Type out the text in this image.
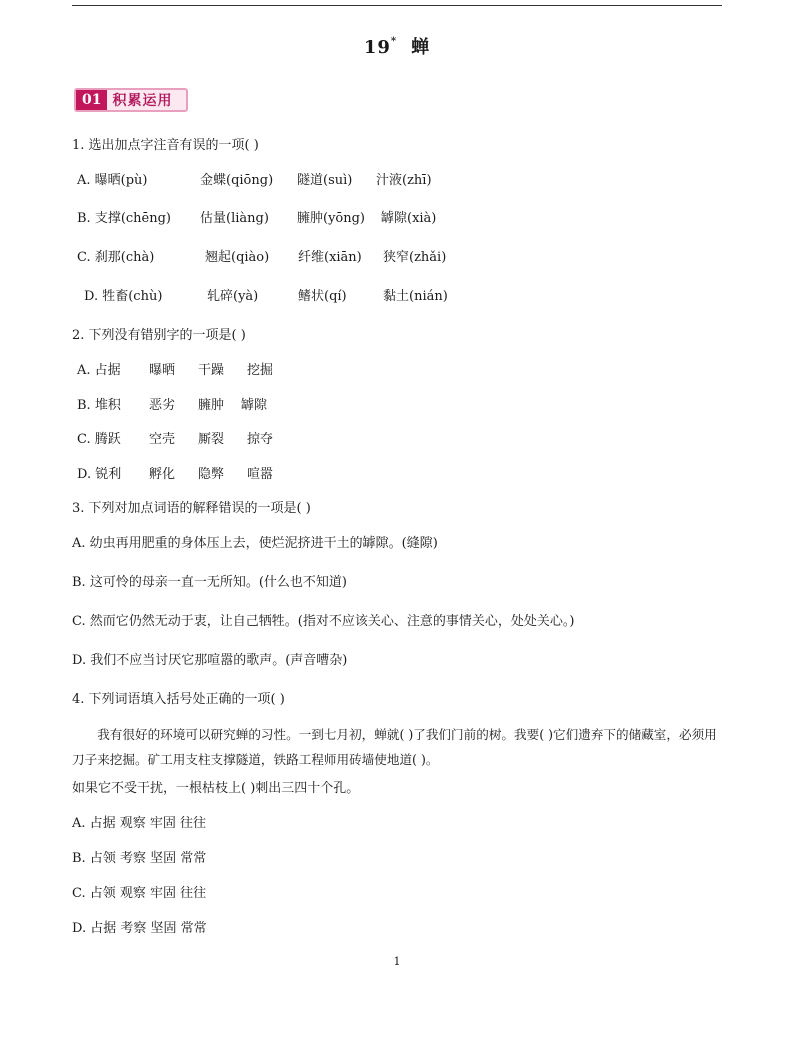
19* 蝉
01 积累运用
1. 选出加点字注音有误的一项( )
A. 曝晒(pù)	金蝶(qiōng) 隧道(suì) 汁液(zhī)
B. 支撑(chēng) 估量(liàng) 臃肿(yōng) 罅隙(xià)
C. 刹那(chà)	翘起(qiào) 纤维(xiān) 狭窄(zhǎi)
D. 牲畜(chù)	轧碎(yà)	鳍状(qí)	黏土(nián)
2. 下列没有错别字的一项是( )
A. 占据 曝晒 干躁 挖掘
B. 堆积 恶劣 臃肿 罅隙
C. 腾跃 空壳 厮裂 掠夺
D. 锐利 孵化 隐弊 喧嚣
3. 下列对加点词语的解释错误的一项是( )
A. 幼虫再用肥重的身体压上去，使烂泥挤进干土的罅隙。(缝隙)
B. 这可怜的母亲一直一无所知。(什么也不知道)
C. 然而它仍然无动于衷，让自己牺牲。(指对不应该关心、注意的事情关心，处处关心。)
D. 我们不应当讨厌它那喧嚣的歌声。(声音嘈杂)
4. 下列词语填入括号处正确的一项( )
我有很好的环境可以研究蝉的习性。一到七月初，蝉就( )了我们门前的树。我要( )它们遗弃下的储藏室，必须用刀子来挖掘。矿工用支柱支撑隧道，铁路工程师用砖墙使地道( )。
如果它不受干扰，一根枯枝上( )刺出三四十个孔。
A. 占据 观察 牢固 往往
B. 占领 考察 坚固 常常
C. 占领 观察 牢固 往往
D. 占据 考察 坚固 常常
1
